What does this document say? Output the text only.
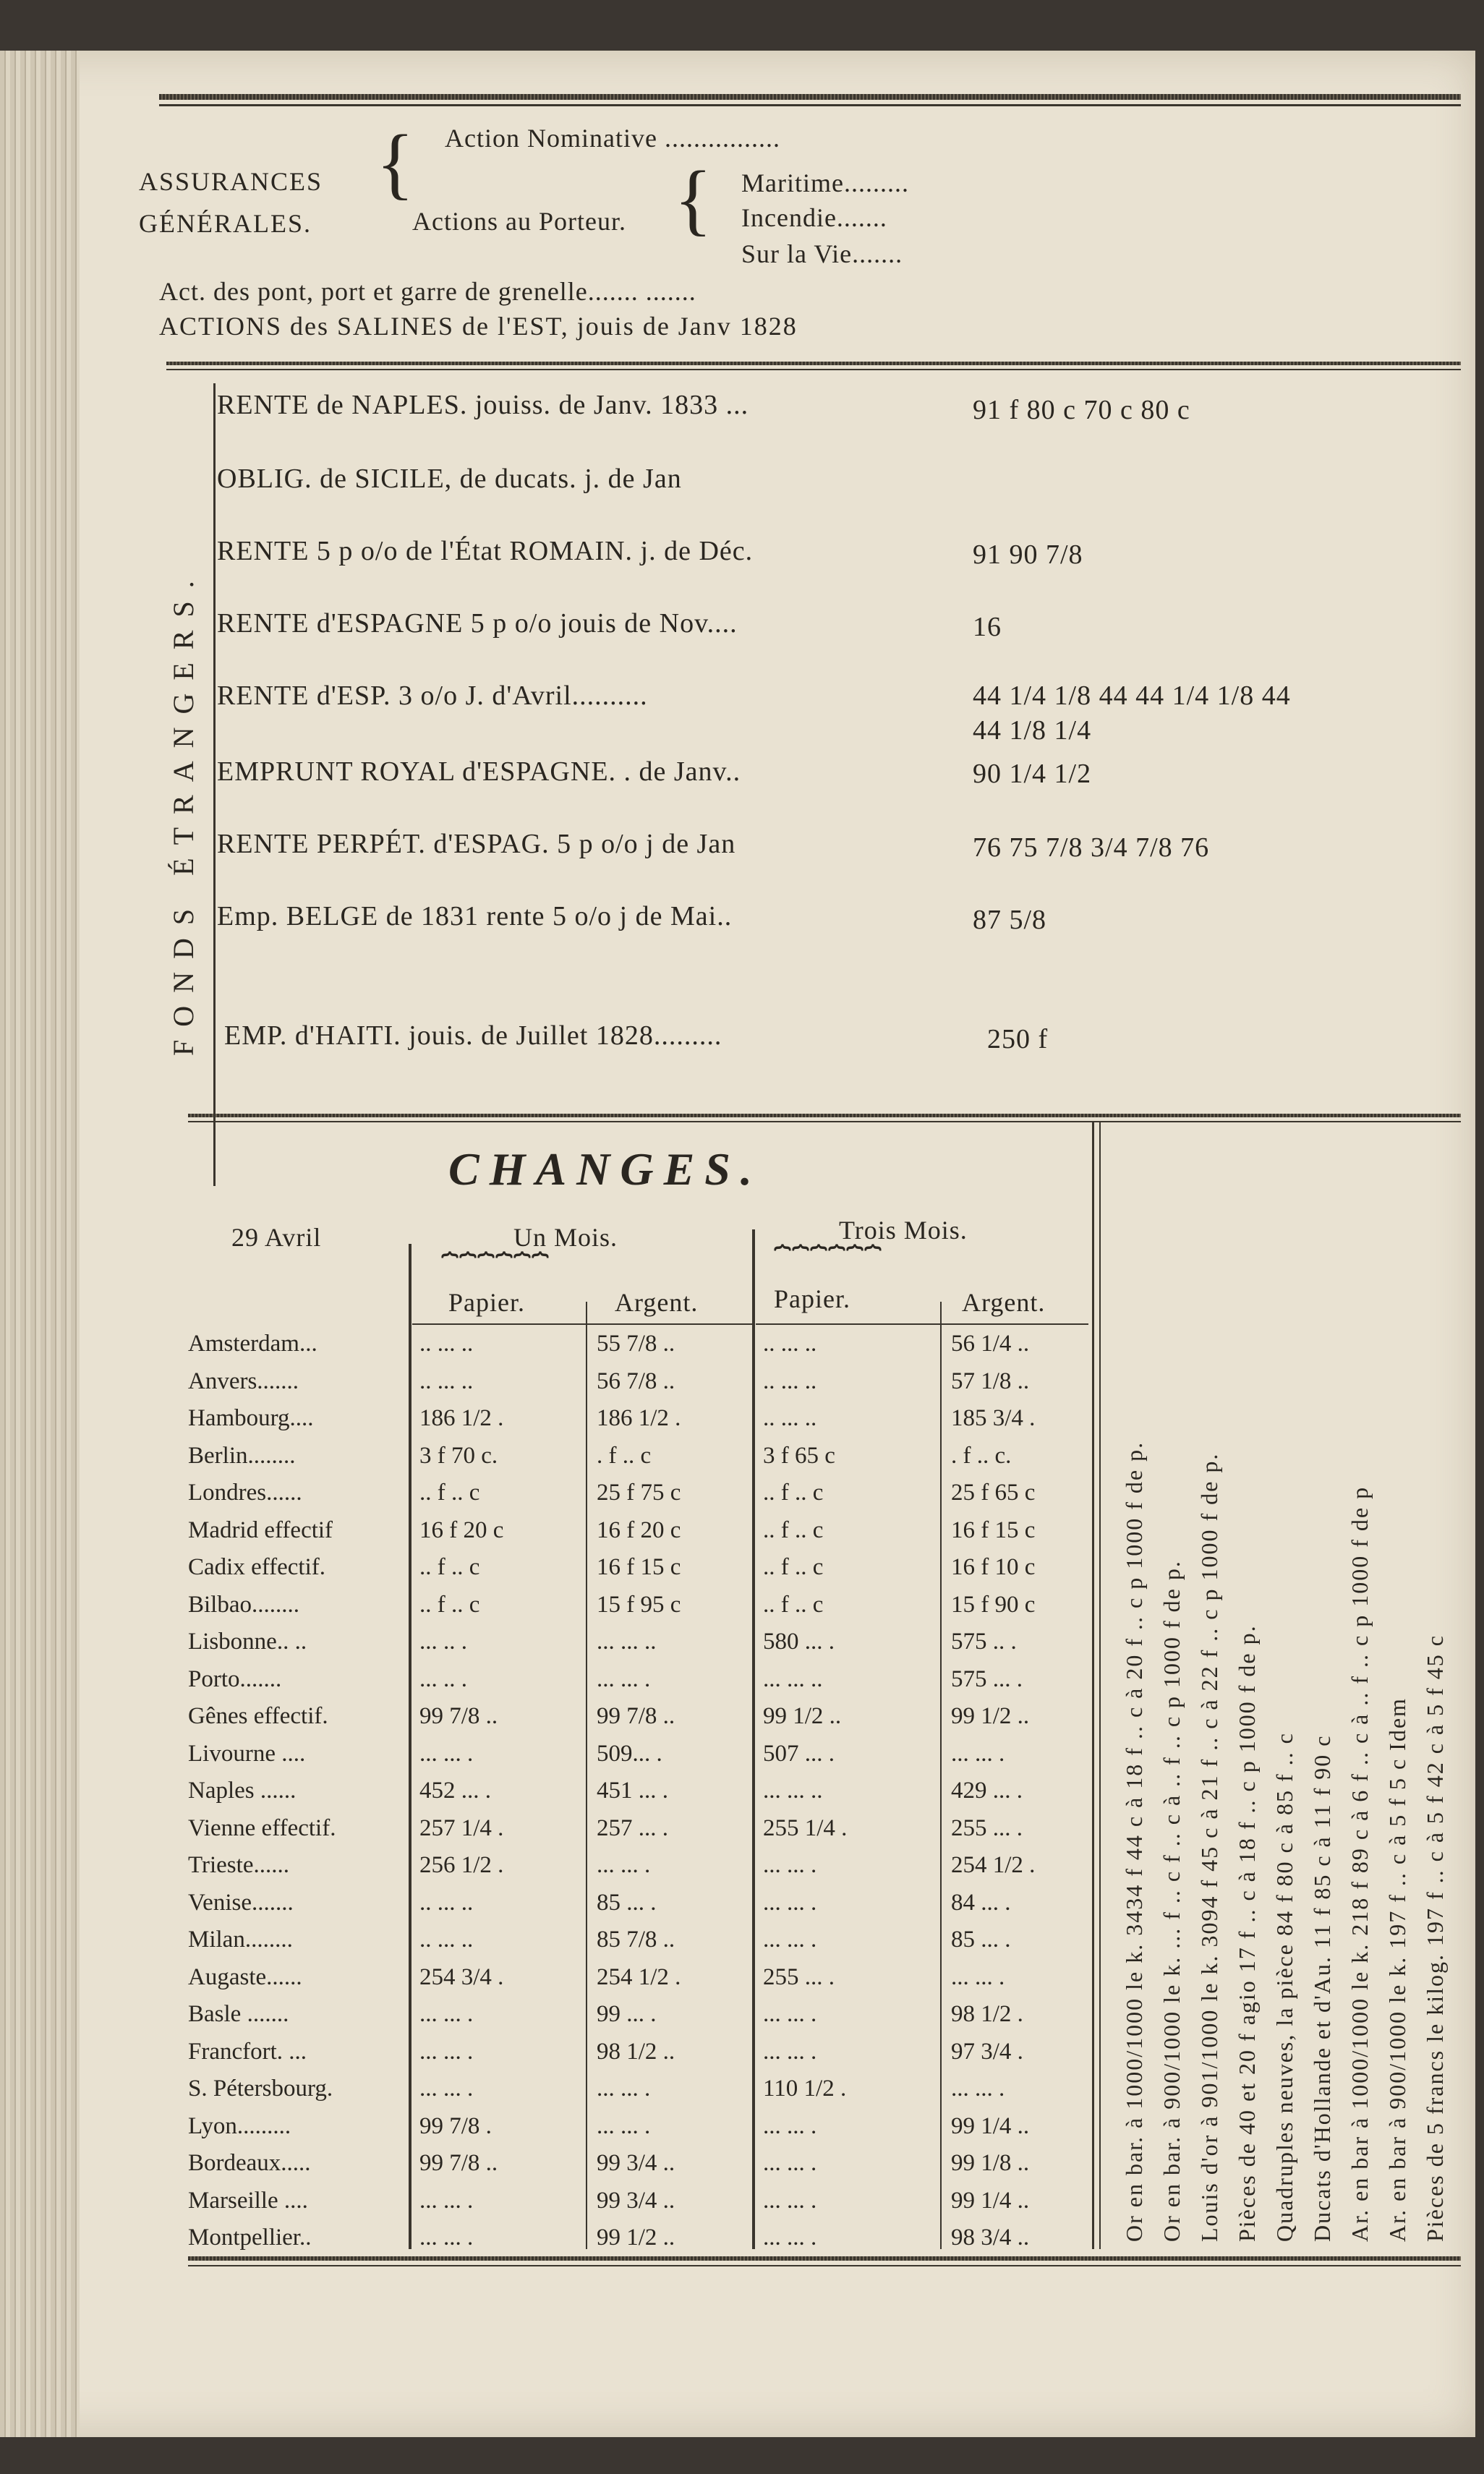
ASSURANCES
GÉNÉRALES.
{ Action Nominative ................
Actions au Porteur. { Maritime.........
Incendie.......
Sur la Vie.......
Act. des pont, port et garre de grenelle....... .......
ACTIONS des SALINES de l'EST, jouis de Janv 1828
FONDS ÉTRANGERS.
RENTE de NAPLES. jouiss. de Janv. 1833 ...	91 f 80 c 70 c 80 c
OBLIG. de SICILE, de ducats. j. de Jan
RENTE 5 p o/o de l'État ROMAIN. j. de Déc.	91 90 7/8
RENTE d'ESPAGNE 5 p o/o jouis de Nov....	16
RENTE d'ESP. 3 o/o J. d'Avril..........	44 1/4 1/8 44 44 1/4 1/8 44
44 1/8 1/4
EMPRUNT ROYAL d'ESPAGNE. . de Janv..	90 1/4 1/2
RENTE PERPÉT. d'ESPAG. 5 p o/o j de Jan	76 75 7/8 3/4 7/8 76
Emp. BELGE de 1831 rente 5 o/o j de Mai..	87 5/8
EMP. d'HAITI. jouis. de Juillet 1828.........	250 f
CHANGES.
29 Avril	Un Mois.	Trois Mois.
⏞⏞⏞⏞⏞⏞	⏞⏞⏞⏞⏞⏞
Papier.	Argent.	Papier.	Argent.
Amsterdam...	.. ... ..	55 7/8 ..	.. ... ..	56 1/4 ..
Anvers.......	.. ... ..	56 7/8 ..	.. ... ..	57 1/8 ..
Hambourg....	186 1/2 .	186 1/2 .	.. ... ..	185 3/4 .
Berlin........	3 f 70 c.	. f .. c	3 f 65 c	. f .. c.
Londres......	.. f .. c	25 f 75 c	.. f .. c	25 f 65 c
Madrid effectif	16 f 20 c	16 f 20 c	.. f .. c	16 f 15 c
Cadix effectif.	.. f .. c	16 f 15 c	.. f .. c	16 f 10 c
Bilbao........	.. f .. c	15 f 95 c	.. f .. c	15 f 90 c
Lisbonne.. ..	... .. .	... ... ..	580 ... .	575 .. .
Porto.......	... .. .	... ... .	... ... ..	575 ... .
Gênes effectif.	99 7/8 ..	99 7/8 ..	99 1/2 ..	99 1/2 ..
Livourne ....	... ... .	509... .	507 ... .	... ... .
Naples ......	452 ... .	451 ... .	... ... ..	429 ... .
Vienne effectif.	257 1/4 .	257 ... .	255 1/4 .	255 ... .
Trieste......	256 1/2 .	... ... .	... ... .	254 1/2 .
Venise.......	.. ... ..	85 ... .	... ... .	84 ... .
Milan........	.. ... ..	85 7/8 ..	... ... .	85 ... .
Augaste......	254 3/4 .	254 1/2 .	255 ... .	... ... .
Basle .......	... ... .	99 ... .	... ... .	98 1/2 .
Francfort. ...	... ... .	98 1/2 ..	... ... .	97 3/4 .
S. Pétersbourg.	... ... .	... ... .	110 1/2 .	... ... .
Lyon.........	99 7/8 .	... ... .	... ... .	99 1/4 ..
Bordeaux.....	99 7/8 ..	99 3/4 ..	... ... .	99 1/8 ..
Marseille ....	... ... .	99 3/4 ..	... ... .	99 1/4 ..
Montpellier..	... ... .	99 1/2 ..	... ... .	98 3/4 ..	Or en bar. à 1000/1000 le k. 3434 f 44 c à 18 f .. c à 20 f .. c p 1000 f de p. Or en bar. à 900/1000 le k. ... f .. c f .. c à .. f .. c p 1000 f de p. Louis d'or à 901/1000 le k. 3094 f 45 c à 21 f .. c à 22 f .. c p 1000 f de p. Pièces de 40 et 20 f agio 17 f .. c à 18 f .. c p 1000 f de p. Quadruples neuves, la pièce 84 f 80 c à 85 f .. c Ducats d'Hollande et d'Au. 11 f 85 c à 11 f 90 c Ar. en bar à 1000/1000 le k. 218 f 89 c à 6 f .. c à .. f .. c p 1000 f de p Ar. en bar à 900/1000 le k. 197 f .. c à 5 f 5 c Idem Pièces de 5 francs le kilog. 197 f .. c à 5 f 42 c à 5 f 45 c
